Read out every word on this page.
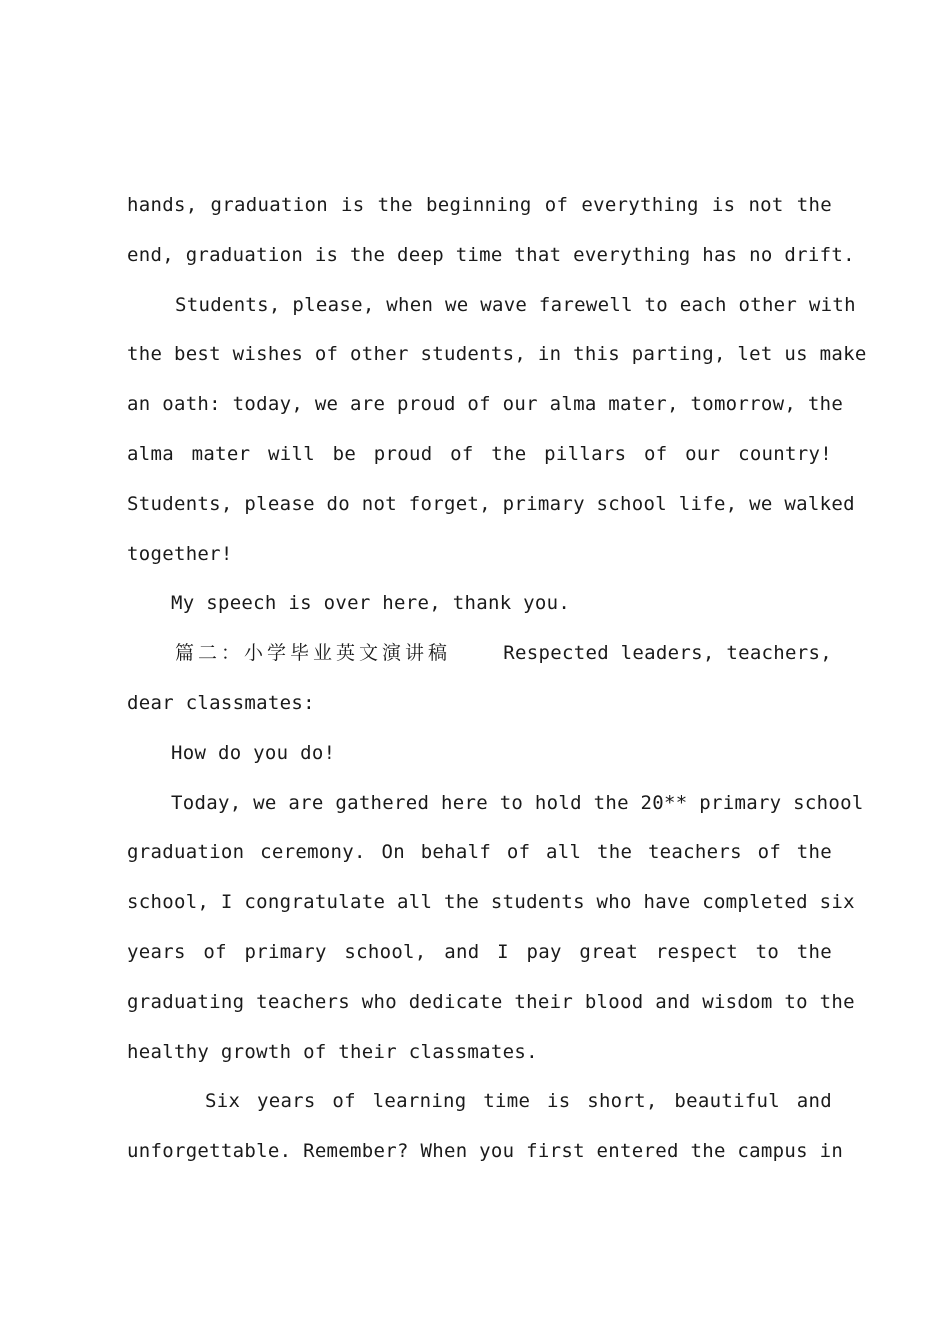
hands, graduation is the beginning of everything is not the
end, graduation is the deep time that everything has no drift.
Students, please, when we wave farewell to each other with
the best wishes of other students, in this parting, let us make
an oath: today, we are proud of our alma mater, tomorrow, the
alma mater will be proud of the pillars of our country!
Students, please do not forget, primary school life, we walked
together!
My speech is over here, thank you.
篇二：小学毕业英文演讲稿	Respected leaders, teachers,
dear classmates:
How do you do!
Today, we are gathered here to hold the 20** primary school
graduation ceremony. On behalf of all the teachers of the
school, I congratulate all the students who have completed six
years of primary school, and I pay great respect to the
graduating teachers who dedicate their blood and wisdom to the
healthy growth of their classmates.
Six years of learning time is short, beautiful and
unforgettable. Remember? When you first entered the campus in
